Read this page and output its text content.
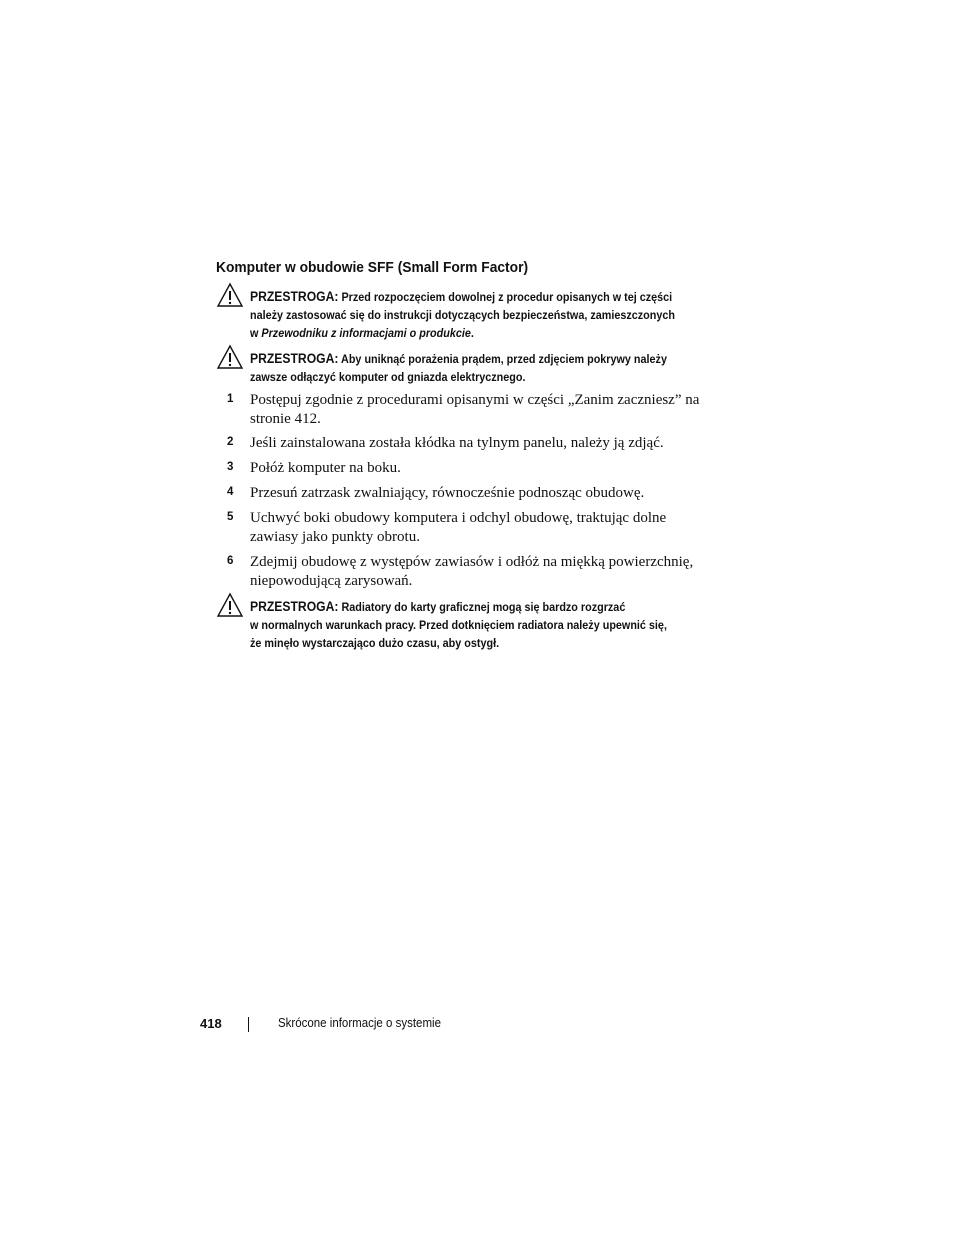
Komputer w obudowie SFF (Small Form Factor)
PRZESTROGA: Przed rozpoczęciem dowolnej z procedur opisanych w tej części
należy zastosować się do instrukcji dotyczących bezpieczeństwa, zamieszczonych
w Przewodniku z informacjami o produkcie.
PRZESTROGA: Aby uniknąć porażenia prądem, przed zdjęciem pokrywy należy
zawsze odłączyć komputer od gniazda elektrycznego.
1 Postępuj zgodnie z procedurami opisanymi w części „Zanim zaczniesz” na
stronie 412.
2 Jeśli zainstalowana została kłódka na tylnym panelu, należy ją zdjąć.
3 Połóż komputer na boku.
4 Przesuń zatrzask zwalniający, równocześnie podnosząc obudowę.
5 Uchwyć boki obudowy komputera i odchyl obudowę, traktując dolne
zawiasy jako punkty obrotu.
6 Zdejmij obudowę z występów zawiasów i odłóż na miękką powierzchnię,
niepowodującą zarysowań.
PRZESTROGA: Radiatory do karty graficznej mogą się bardzo rozgrzać
w normalnych warunkach pracy. Przed dotknięciem radiatora należy upewnić się,
że minęło wystarczająco dużo czasu, aby ostygł.
418	Skrócone informacje o systemie
